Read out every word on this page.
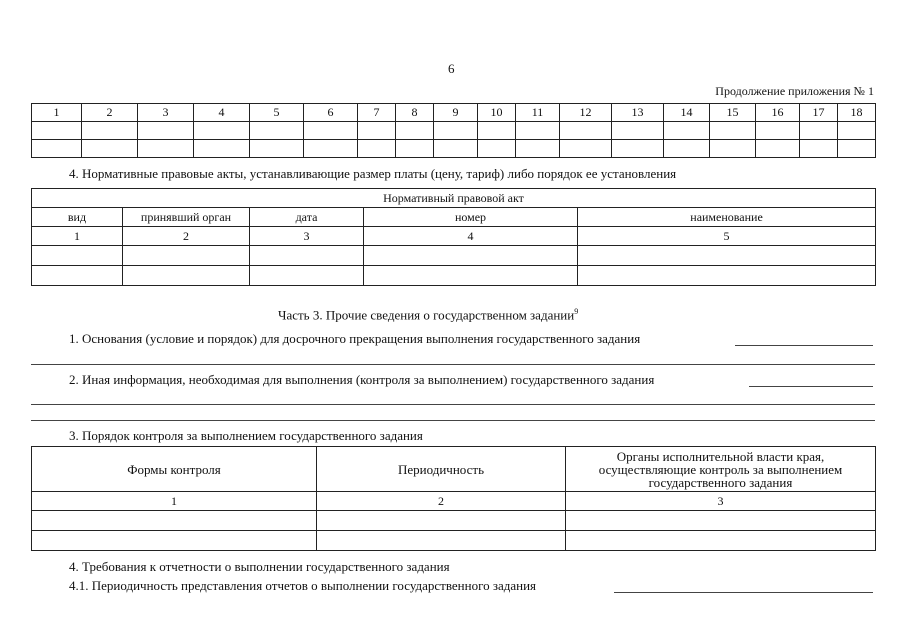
6
Продолжение приложения № 1
1	2	3	4	5	6	7	8	9	10	11	12	13	14	15	16	17	18

4. Нормативные правовые акты, устанавливающие размер платы (цену, тариф) либо порядок ее установления
Нормативный правовой акт				
вид	принявший орган	дата	номер	наименование
1	2	3	4	5

Часть 3. Прочие сведения о государственном задании$^9$
1. Основания (условие и порядок) для досрочного прекращения выполнения государственного задания
2. Иная информация, необходимая для выполнения (контроля за выполнением) государственного задания
3. Порядок контроля за выполнением государственного задания
Формы контроля	Периодичность	Органы исполнительной власти края, осуществляющие контроль за выполнением государственного задания
1	2	3

4. Требования к отчетности о выполнении государственного задания
4.1. Периодичность представления отчетов о выполнении государственного задания
